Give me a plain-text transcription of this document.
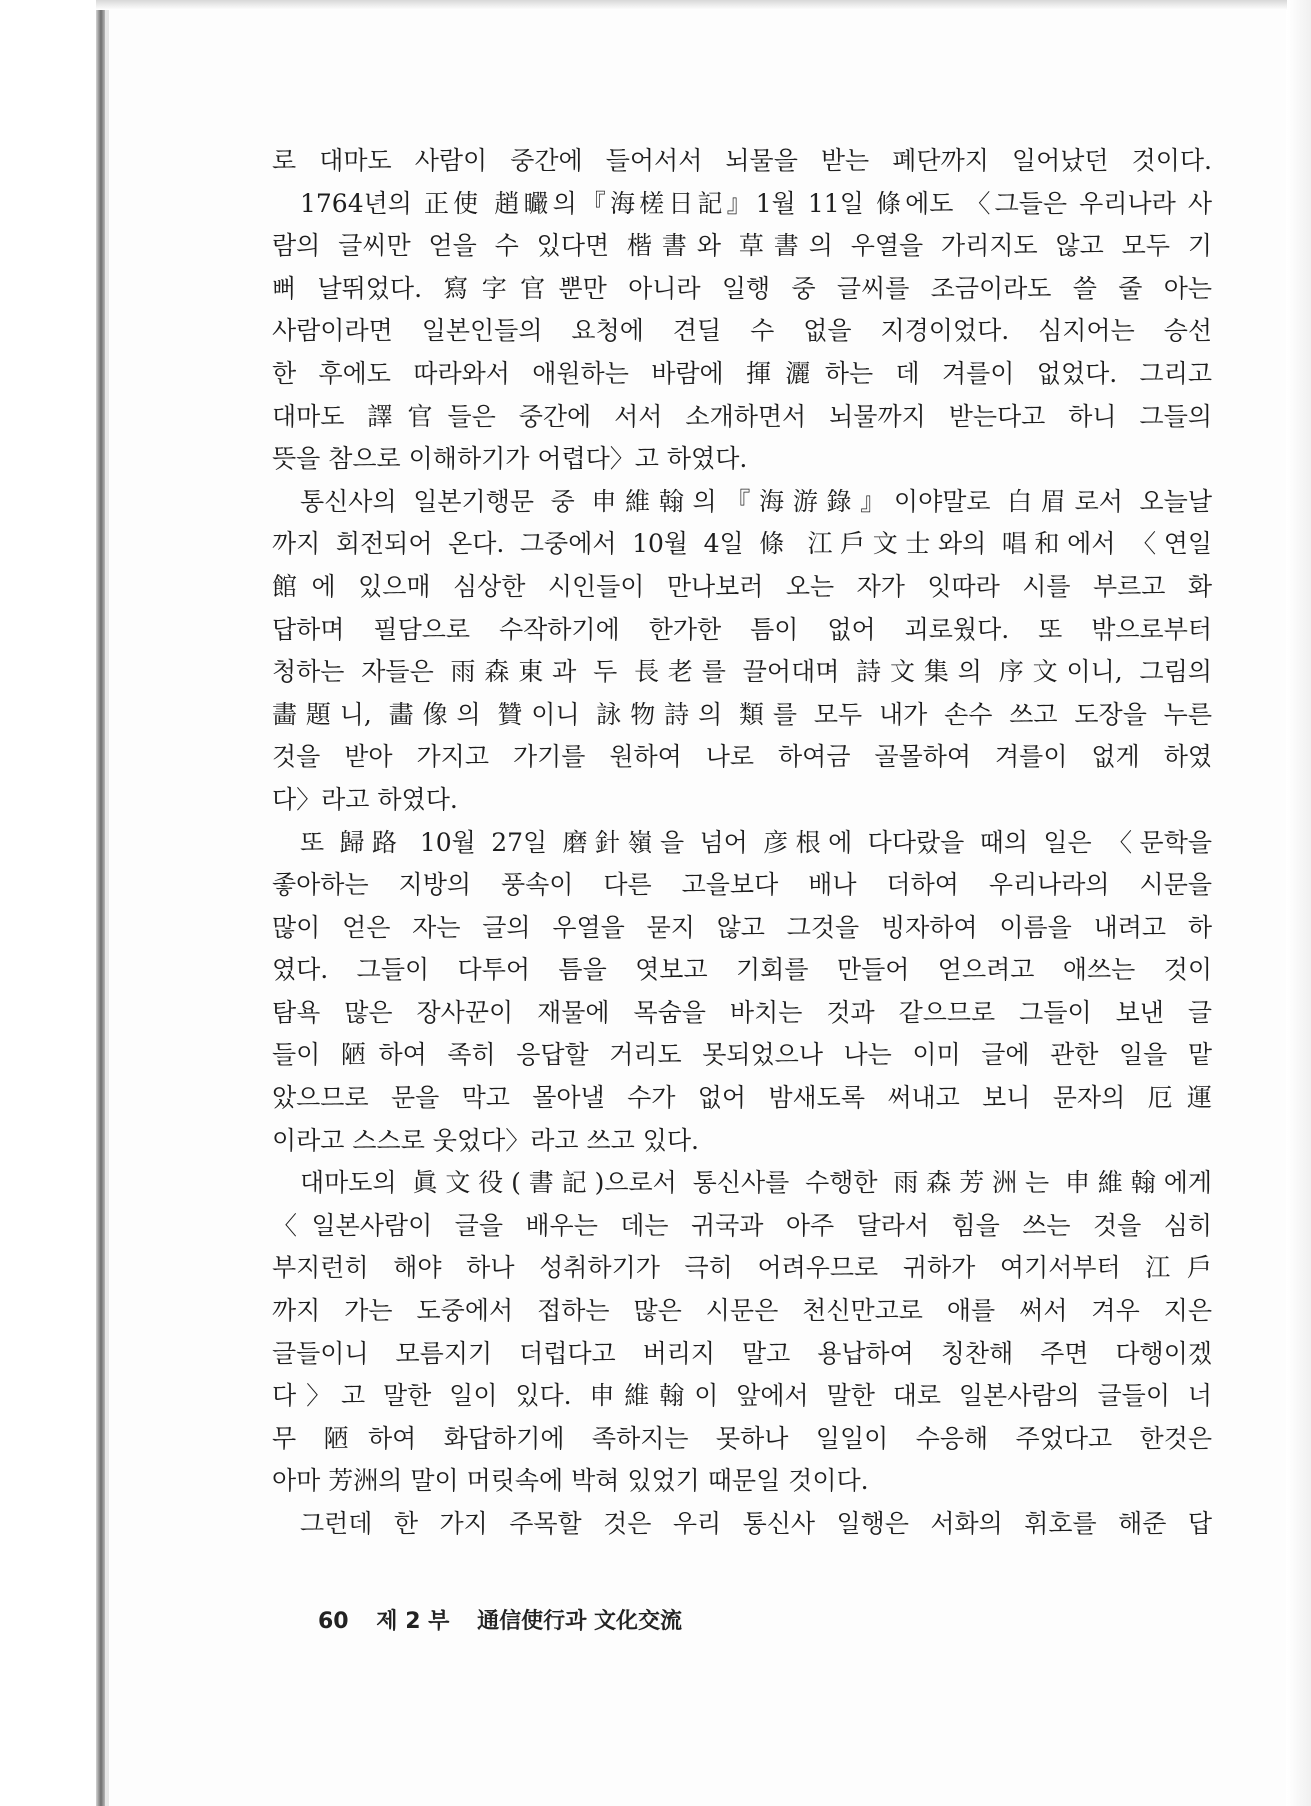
로 대마도 사람이 중간에 들어서서 뇌물을 받는 폐단까지 일어났던 것이다.
1764년의 正使 趙曮의『海槎日記』1월 11일 條에도 〈그들은 우리나라 사
람의 글씨만 얻을 수 있다면 楷書와 草書의 우열을 가리지도 않고 모두 기
뻐 날뛰었다. 寫字官뿐만 아니라 일행 중 글씨를 조금이라도 쓸 줄 아는
사람이라면 일본인들의 요청에 견딜 수 없을 지경이었다. 심지어는 승선
한 후에도 따라와서 애원하는 바람에 揮灑하는 데 겨를이 없었다. 그리고
대마도 譯官들은 중간에 서서 소개하면서 뇌물까지 받는다고 하니 그들의
뜻을 참으로 이해하기가 어렵다〉고 하였다.
통신사의 일본기행문 중 申維翰의『海游錄』이야말로 白眉로서 오늘날
까지 회전되어 온다. 그중에서 10월 4일 條 江戶文士와의 唱和에서 〈연일
館에 있으매 심상한 시인들이 만나보러 오는 자가 잇따라 시를 부르고 화
답하며 필담으로 수작하기에 한가한 틈이 없어 괴로웠다. 또 밖으로부터
청하는 자들은 雨森東과 두 長老를 끌어대며 詩文集의 序文이니, 그림의
畵題니, 畵像의 贊이니 詠物詩의 類를 모두 내가 손수 쓰고 도장을 누른
것을 받아 가지고 가기를 원하여 나로 하여금 골몰하여 겨를이 없게 하였
다〉라고 하였다.
또 歸路 10월 27일 磨針嶺을 넘어 彦根에 다다랐을 때의 일은 〈문학을
좋아하는 지방의 풍속이 다른 고을보다 배나 더하여 우리나라의 시문을
많이 얻은 자는 글의 우열을 묻지 않고 그것을 빙자하여 이름을 내려고 하
였다. 그들이 다투어 틈을 엿보고 기회를 만들어 얻으려고 애쓰는 것이
탐욕 많은 장사꾼이 재물에 목숨을 바치는 것과 같으므로 그들이 보낸 글
들이 陋하여 족히 응답할 거리도 못되었으나 나는 이미 글에 관한 일을 맡
았으므로 문을 막고 몰아낼 수가 없어 밤새도록 써내고 보니 문자의 厄運
이라고 스스로 웃었다〉라고 쓰고 있다.
대마도의 眞文役(書記)으로서 통신사를 수행한 雨森芳洲는 申維翰에게
〈일본사람이 글을 배우는 데는 귀국과 아주 달라서 힘을 쓰는 것을 심히
부지런히 해야 하나 성취하기가 극히 어려우므로 귀하가 여기서부터 江戶
까지 가는 도중에서 접하는 많은 시문은 천신만고로 애를 써서 겨우 지은
글들이니 모름지기 더럽다고 버리지 말고 용납하여 칭찬해 주면 다행이겠
다〉고 말한 일이 있다. 申維翰이 앞에서 말한 대로 일본사람의 글들이 너
무 陋하여 화답하기에 족하지는 못하나 일일이 수응해 주었다고 한것은
아마 芳洲의 말이 머릿속에 박혀 있었기 때문일 것이다.
그런데 한 가지 주목할 것은 우리 통신사 일행은 서화의 휘호를 해준 답
60 제 2 부 通信使行과 文化交流
